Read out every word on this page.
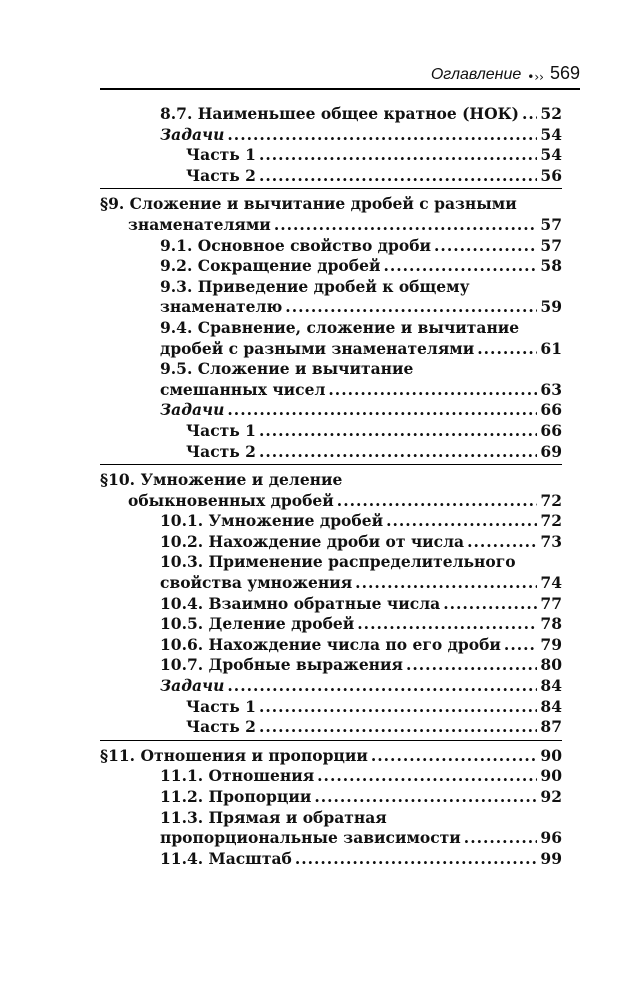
Оглавление •›› 569
8.7. Наименьшее общее кратное (НОК) ..... 52
Задачи .....	54
Часть 1 .....	54
Часть 2 .....	56
§9. Сложение и вычитание дробей с разными
знаменателями .....	57
9.1. Основное свойство дроби .....	57
9.2. Сокращение дробей .....	58
9.3. Приведение дробей к общему
знаменателю .....	59
9.4. Сравнение, сложение и вычитание
дробей с разными знаменателями .....	61
9.5. Сложение и вычитание
смешанных чисел .....	63
Задачи .....	66
Часть 1 .....	66
Часть 2 .....	69
§10. Умножение и деление
обыкновенных дробей .....	72
10.1. Умножение дробей .....	72
10.2. Нахождение дроби от числа .....	73
10.3. Применение распределительного
свойства умножения .....	74
10.4. Взаимно обратные числа .....	77
10.5. Деление дробей .....	78
10.6. Нахождение числа по его дроби .....	79
10.7. Дробные выражения .....	80
Задачи .....	84
Часть 1 .....	84
Часть 2 .....	87
§11. Отношения и пропорции .....	90
11.1. Отношения .....	90
11.2. Пропорции .....	92
11.3. Прямая и обратная
пропорциональные зависимости .....	96
11.4. Масштаб .....	99
